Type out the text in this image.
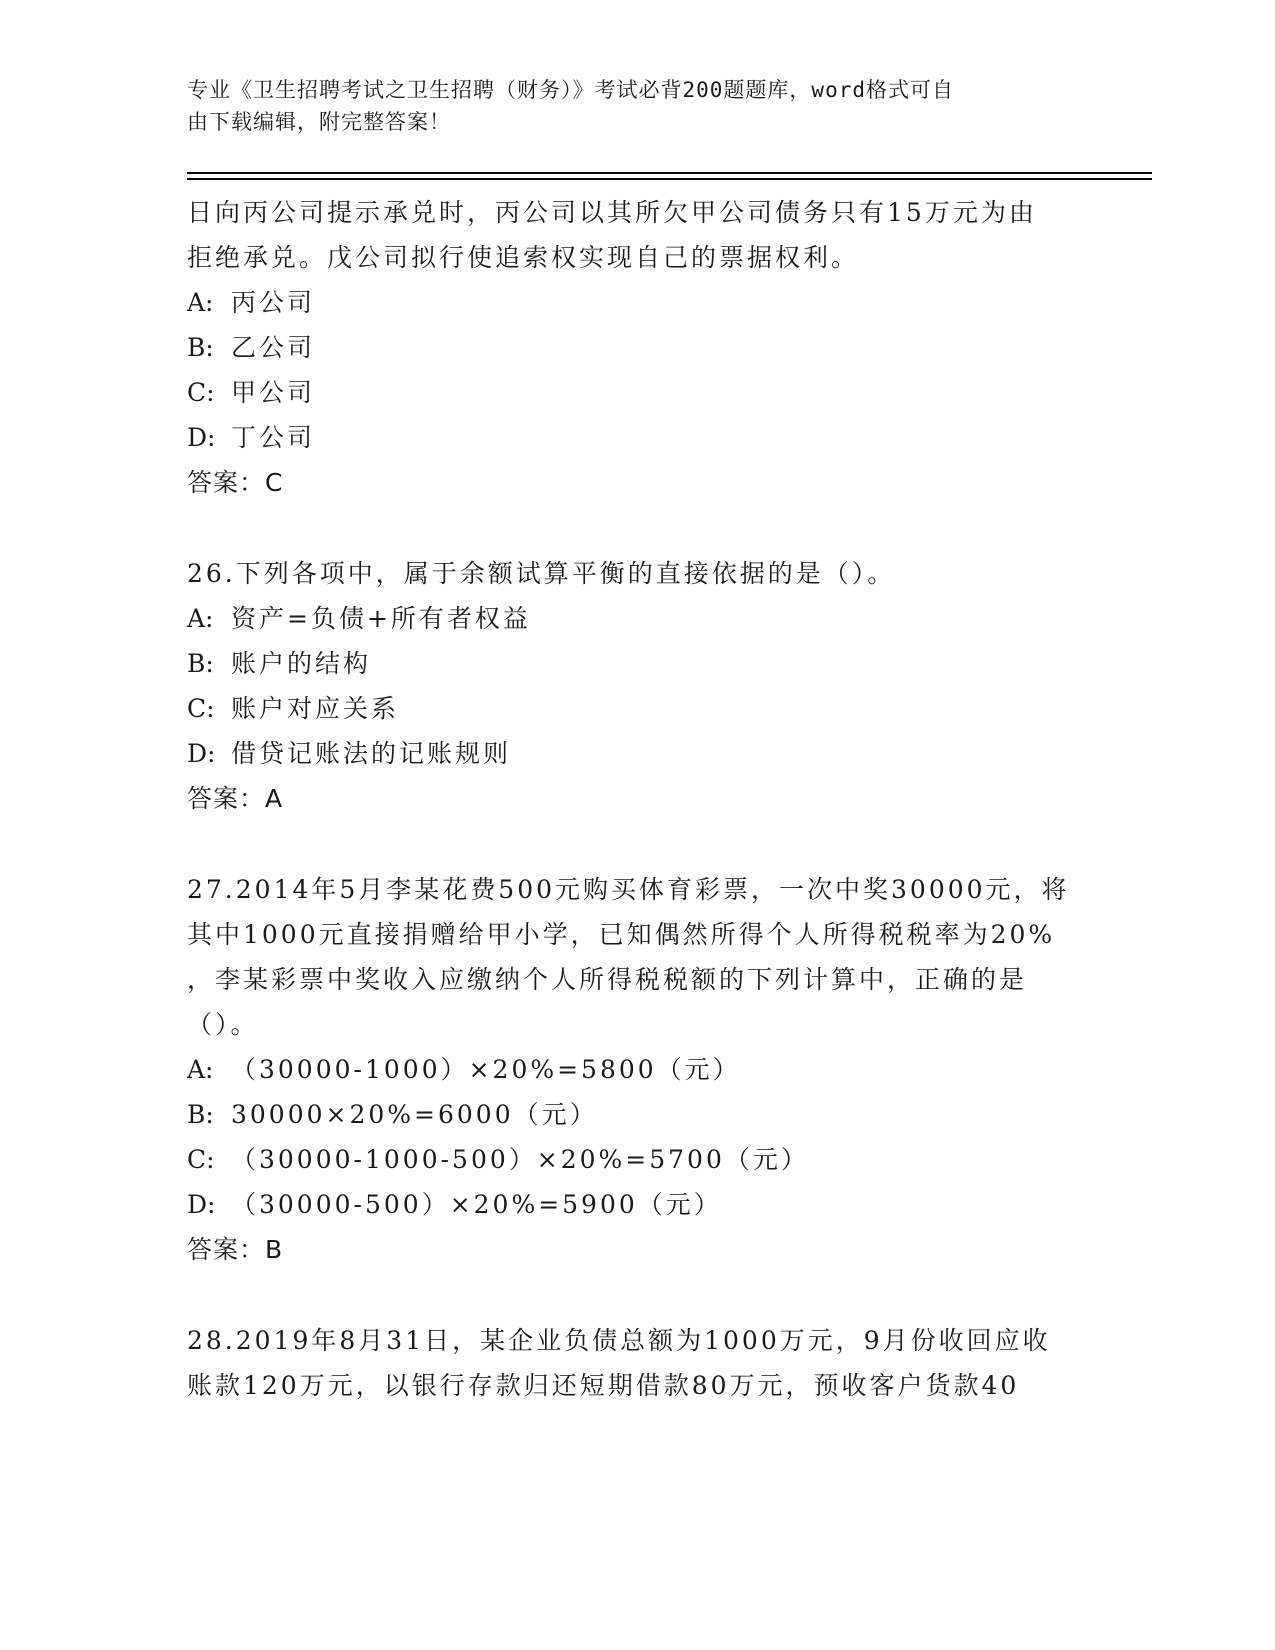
专业《卫生招聘考试之卫生招聘（财务）》考试必背200题题库，word格式可自
由下载编辑，附完整答案！
日向丙公司提示承兑时，丙公司以其所欠甲公司债务只有15万元为由
拒绝承兑。戊公司拟行使追索权实现自己的票据权利。
A: 丙公司
B: 乙公司
C: 甲公司
D: 丁公司
答案：C
26.下列各项中，属于余额试算平衡的直接依据的是（）。
A: 资产=负债+所有者权益
B: 账户的结构
C: 账户对应关系
D: 借贷记账法的记账规则
答案：A
27.2014年5月李某花费500元购买体育彩票，一次中奖30000元，将
其中1000元直接捐赠给甲小学，已知偶然所得个人所得税税率为20%
，李某彩票中奖收入应缴纳个人所得税税额的下列计算中，正确的是
（）。
A: （30000-1000）×20%=5800（元）
B: 30000×20%=6000（元）
C: （30000-1000-500）×20%=5700（元）
D: （30000-500）×20%=5900（元）
答案：B
28.2019年8月31日，某企业负债总额为1000万元，9月份收回应收
账款120万元，以银行存款归还短期借款80万元，预收客户货款40
